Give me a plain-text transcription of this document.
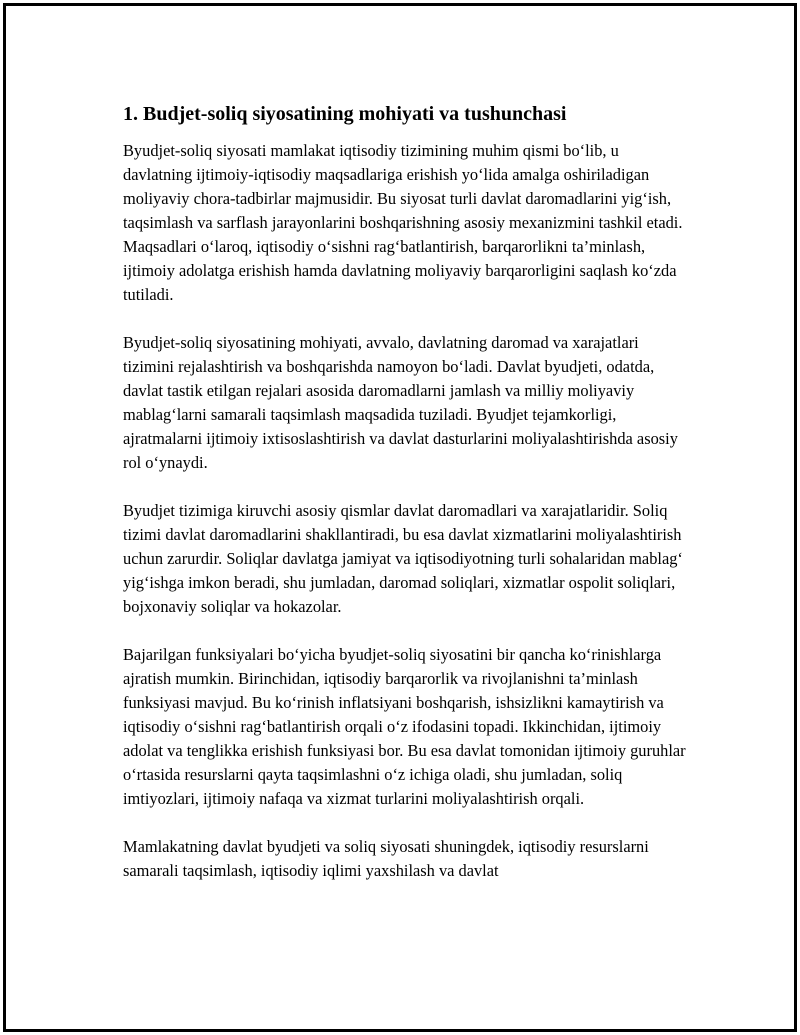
1. Budjet-soliq siyosatining mohiyati va tushunchasi

Byudjet-soliq siyosati mamlakat iqtisodiy tizimining muhim qismi bo‘lib, u davlatning ijtimoiy-iqtisodiy maqsadlariga erishish yo‘lida amalga oshiriladigan moliyaviy chora-tadbirlar majmusidir. Bu siyosat turli davlat daromadlarini yig‘ish, taqsimlash va sarflash jarayonlarini boshqarishning asosiy mexanizmini tashkil etadi. Maqsadlari o‘laroq, iqtisodiy o‘sishni rag‘batlantirish, barqarorlikni ta’minlash, ijtimoiy adolatga erishish hamda davlatning moliyaviy barqarorligini saqlash ko‘zda tutiladi.

Byudjet-soliq siyosatining mohiyati, avvalo, davlatning daromad va xarajatlari tizimini rejalashtirish va boshqarishda namoyon bo‘ladi. Davlat byudjeti, odatda, davlat tastik etilgan rejalari asosida daromadlarni jamlash va milliy moliyaviy mablag‘larni samarali taqsimlash maqsadida tuziladi. Byudjet tejamkorligi, ajratmalarni ijtimoiy ixtisoslashtirish va davlat dasturlarini moliyalashtirishda asosiy rol o‘ynaydi.

Byudjet tizimiga kiruvchi asosiy qismlar davlat daromadlari va xarajatlaridir. Soliq tizimi davlat daromadlarini shakllantiradi, bu esa davlat xizmatlarini moliyalashtirish uchun zarurdir. Soliqlar davlatga jamiyat va iqtisodiyotning turli sohalaridan mablag‘ yig‘ishga imkon beradi, shu jumladan, daromad soliqlari, xizmatlar ospolit soliqlari, bojxonaviy soliqlar va hokazolar.

Bajarilgan funksiyalari bo‘yicha byudjet-soliq siyosatini bir qancha ko‘rinishlarga ajratish mumkin. Birinchidan, iqtisodiy barqarorlik va rivojlanishni ta’minlash funksiyasi mavjud. Bu ko‘rinish inflatsiyani boshqarish, ishsizlikni kamaytirish va iqtisodiy o‘sishni rag‘batlantirish orqali o‘z ifodasini topadi. Ikkinchidan, ijtimoiy adolat va tenglikka erishish funksiyasi bor. Bu esa davlat tomonidan ijtimoiy guruhlar o‘rtasida resurslarni qayta taqsimlashni o‘z ichiga oladi, shu jumladan, soliq imtiyozlari, ijtimoiy nafaqa va xizmat turlarini moliyalashtirish orqali.

Mamlakatning davlat byudjeti va soliq siyosati shuningdek, iqtisodiy resurslarni samarali taqsimlash, iqtisodiy iqlimi yaxshilash va davlat
